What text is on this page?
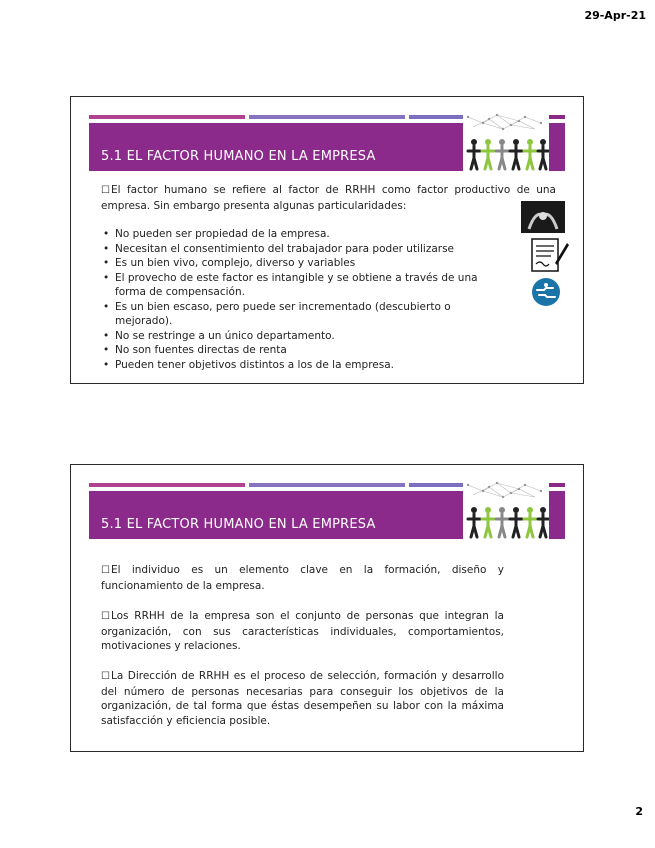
29-Apr-21
5.1 EL FACTOR HUMANO EN LA EMPRESA
☐El factor humano se refiere al factor de RRHH como factor productivo de una empresa. Sin embargo presenta algunas particularidades:
• No pueden ser propiedad de la empresa.
• Necesitan el consentimiento del trabajador para poder utilizarse
• Es un bien vivo, complejo, diverso y variables
• El provecho de este factor es intangible y se obtiene a través de una forma de compensación.
• Es un bien escaso, pero puede ser incrementado (descubierto o mejorado).
• No se restringe a un único departamento.
• No son fuentes directas de renta
• Pueden tener objetivos distintos a los de la empresa.
5.1 EL FACTOR HUMANO EN LA EMPRESA
☐El individuo es un elemento clave en la formación, diseño y funcionamiento de la empresa.
☐Los RRHH de la empresa son el conjunto de personas que integran la organización, con sus características individuales, comportamientos, motivaciones y relaciones.
☐La Dirección de RRHH es el proceso de selección, formación y desarrollo del número de personas necesarias para conseguir los objetivos de la organización, de tal forma que éstas desempeñen su labor con la máxima satisfacción y eficiencia posible.
2
